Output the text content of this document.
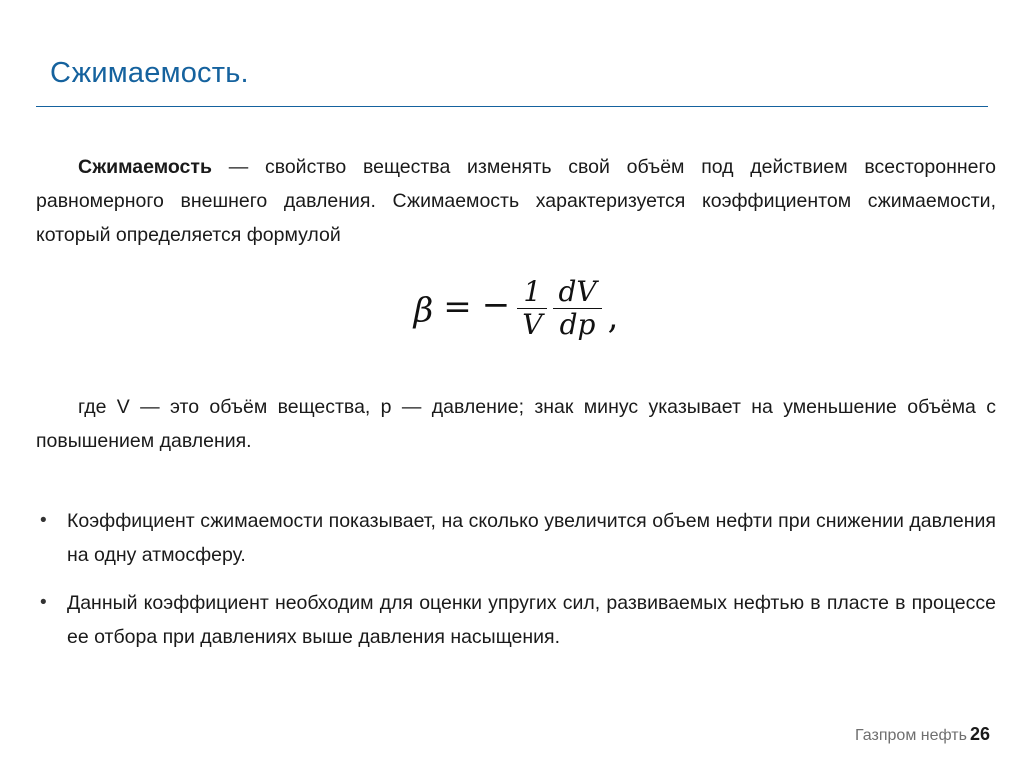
Сжимаемость.

Сжимаемость — свойство вещества изменять свой объём под действием всестороннего равномерного внешнего давления. Сжимаемость характеризуется коэффициентом сжимаемости, который определяется формулой

β = − $\frac{1}{V} \frac{dV}{dp}$ ,

где V — это объём вещества, p — давление; знак минус указывает на уменьшение объёма с повышением давления.

• Коэффициент сжимаемости показывает, на сколько увеличится объем нефти при снижении давления на одну атмосферу.
• Данный коэффициент необходим для оценки упругих сил, развиваемых нефтью в пласте в процессе ее отбора при давлениях выше давления насыщения.
Газпром нефть 26
